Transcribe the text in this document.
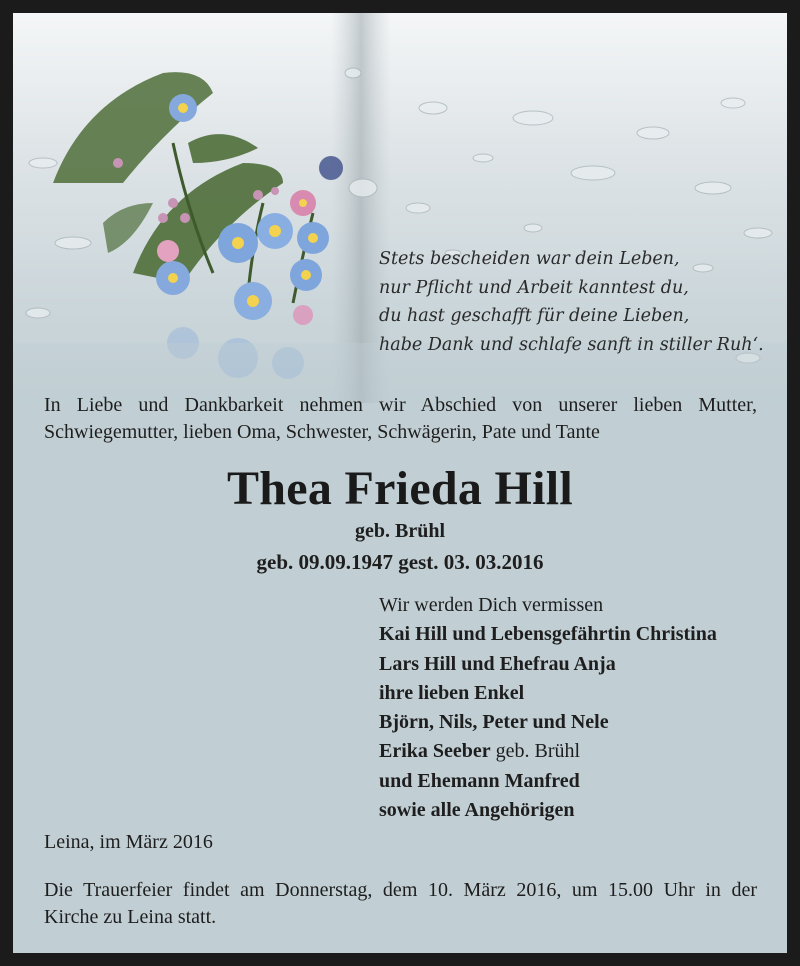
Stets bescheiden war dein Leben,
nur Pflicht und Arbeit kanntest du,
du hast geschafft für deine Lieben,
habe Dank und schlafe sanft in stiller Ruh‘.
In Liebe und Dankbarkeit nehmen wir Abschied von unserer lieben Mutter,
Schwiegemutter, lieben Oma, Schwester, Schwägerin, Pate und Tante
Thea Frieda Hill
geb. Brühl
geb. 09.09.1947 gest. 03. 03.2016
Wir werden Dich vermissen
Kai Hill und Lebensgefährtin Christina
Lars Hill und Ehefrau Anja
ihre lieben Enkel
Björn, Nils, Peter und Nele
Erika Seeber geb. Brühl
und Ehemann Manfred
sowie alle Angehörigen
Leina, im März 2016
Die Trauerfeier findet am Donnerstag, dem 10. März 2016, um 15.00 Uhr in der
Kirche zu Leina statt.
